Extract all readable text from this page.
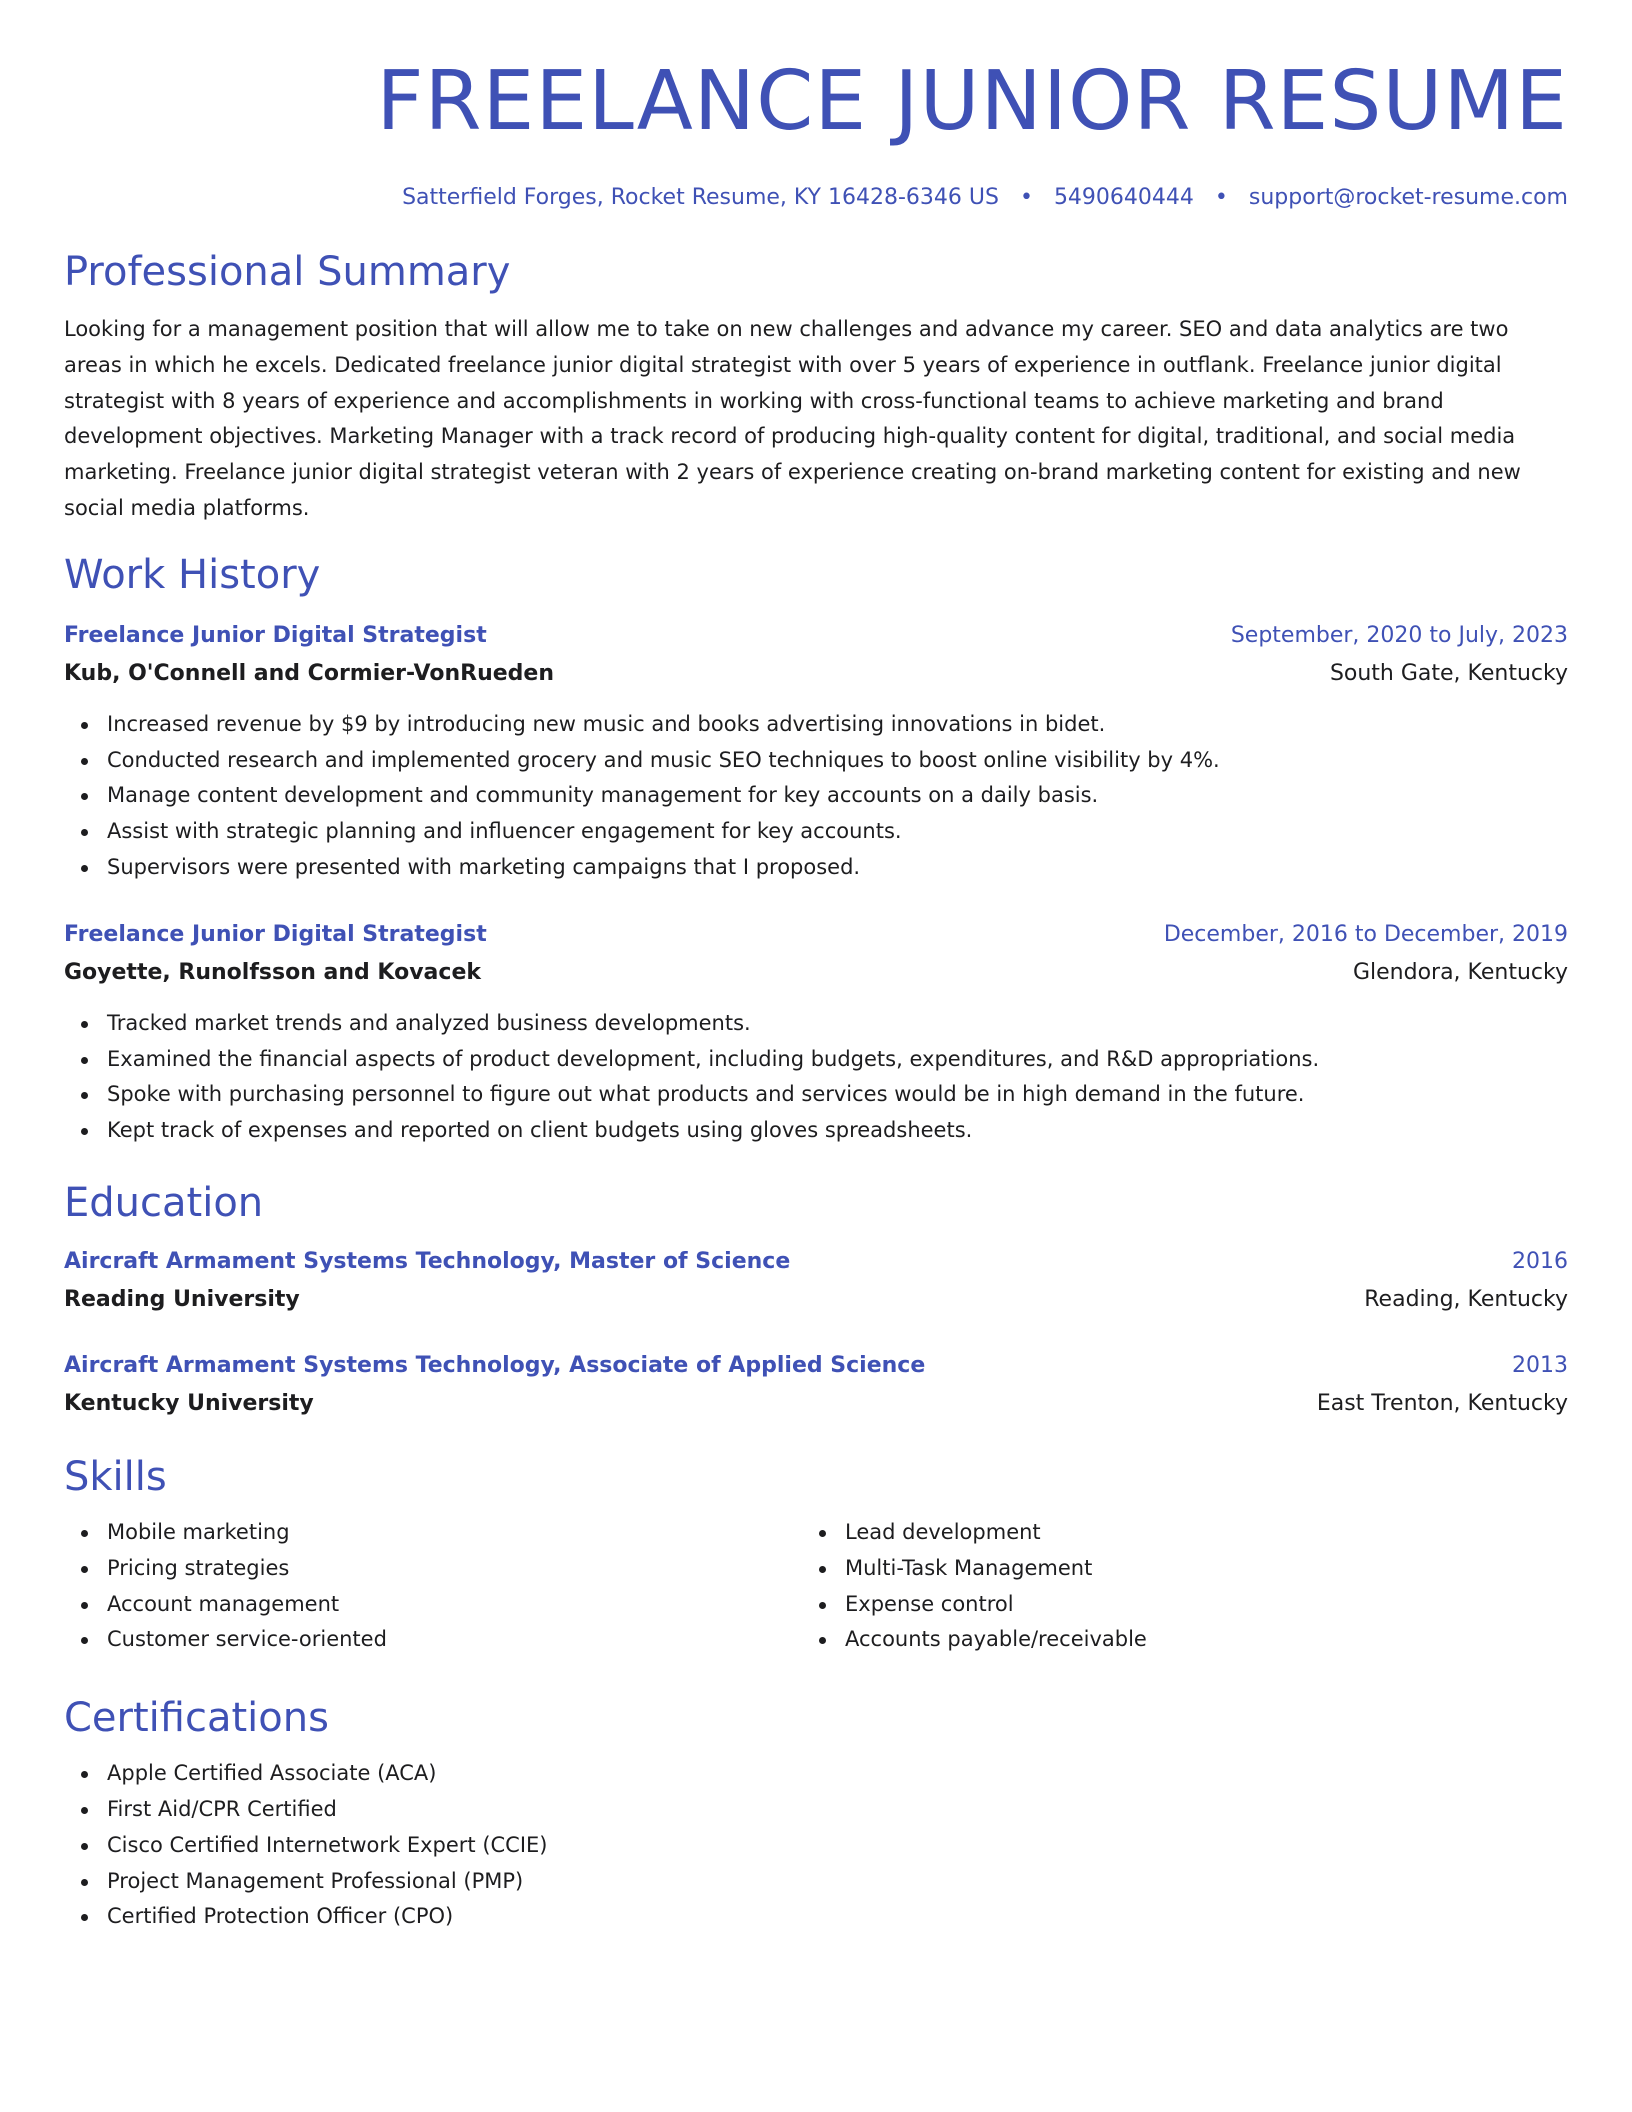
FREELANCE JUNIOR RESUME
Satterfield Forges, Rocket Resume, KY 16428-6346 US • 5490640444 • support@rocket-resume.com
Professional Summary
Looking for a management position that will allow me to take on new challenges and advance my career. SEO and data analytics are two areas in which he excels. Dedicated freelance junior digital strategist with over 5 years of experience in outflank. Freelance junior digital strategist with 8 years of experience and accomplishments in working with cross-functional teams to achieve marketing and brand development objectives. Marketing Manager with a track record of producing high-quality content for digital, traditional, and social media marketing. Freelance junior digital strategist veteran with 2 years of experience creating on-brand marketing content for existing and new social media platforms.
Work History
Freelance Junior Digital Strategist	September, 2020 to July, 2023
Kub, O'Connell and Cormier-VonRueden	South Gate, Kentucky
Increased revenue by $9 by introducing new music and books advertising innovations in bidet.
Conducted research and implemented grocery and music SEO techniques to boost online visibility by 4%.
Manage content development and community management for key accounts on a daily basis.
Assist with strategic planning and influencer engagement for key accounts.
Supervisors were presented with marketing campaigns that I proposed.
Freelance Junior Digital Strategist	December, 2016 to December, 2019
Goyette, Runolfsson and Kovacek	Glendora, Kentucky
Tracked market trends and analyzed business developments.
Examined the financial aspects of product development, including budgets, expenditures, and R&D appropriations.
Spoke with purchasing personnel to figure out what products and services would be in high demand in the future.
Kept track of expenses and reported on client budgets using gloves spreadsheets.
Education
Aircraft Armament Systems Technology, Master of Science	2016
Reading University	Reading, Kentucky
Aircraft Armament Systems Technology, Associate of Applied Science	2013
Kentucky University	East Trenton, Kentucky
Skills
Mobile marketing
Pricing strategies
Account management
Customer service-oriented
Lead development
Multi-Task Management
Expense control
Accounts payable/receivable
Certifications
Apple Certified Associate (ACA)
First Aid/CPR Certified
Cisco Certified Internetwork Expert (CCIE)
Project Management Professional (PMP)
Certified Protection Officer (CPO)
